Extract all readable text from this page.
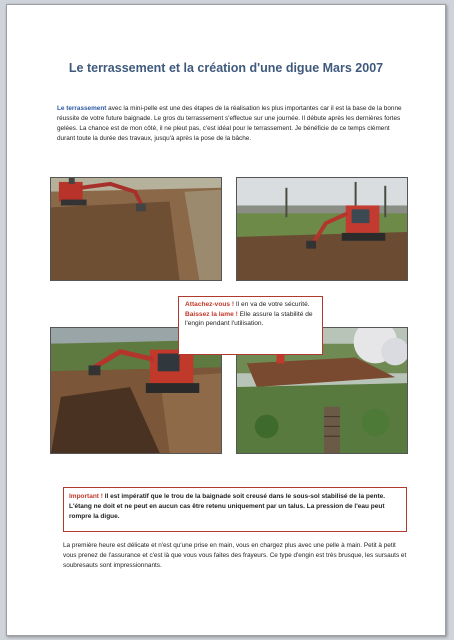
Le terrassement et la création d'une digue Mars 2007

Le terrassement avec la mini-pelle est une des étapes de la réalisation les plus importantes car il est la base de la bonne réussite de votre future baignade. Le gros du terrassement s'effectue sur une journée. Il débute après les dernières fortes gelées. La chance est de mon côté, il ne pleut pas, c'est idéal pour le terrassement. Je bénéficie de ce temps clément durant toute la durée des travaux, jusqu'à après la pose de la bâche.

Attachez-vous ! Il en va de votre sécurité.
Baissez la lame ! Elle assure la stabilité de l'engin pendant l'utilisation.
Important ! Il est impératif que le trou de la baignade soit creusé dans le sous-sol stabilisé de la pente. L'étang ne doit et ne peut en aucun cas être retenu uniquement par un talus. La pression de l'eau peut rompre la digue.

La première heure est délicate et n'est qu'une prise en main, vous en chargez plus avec une pelle à main. Petit à petit vous prenez de l'assurance et c'est là que vous vous faites des frayeurs. Ce type d'engin est très brusque, les sursauts et soubresauts sont impressionnants.
